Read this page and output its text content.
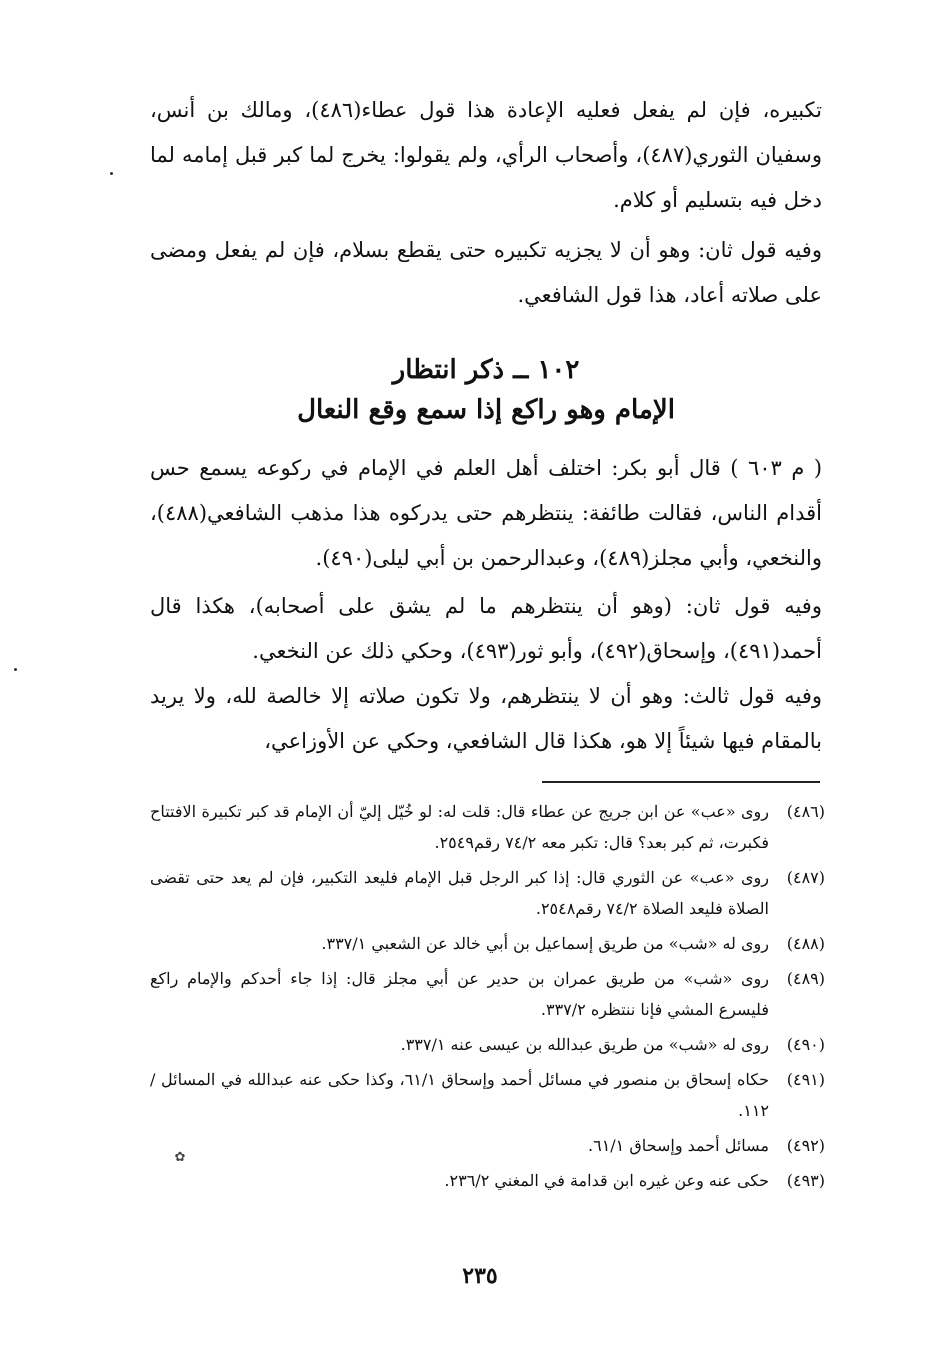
تكبيره، فإن لم يفعل فعليه الإعادة هذا قول عطاء(٤٨٦)، ومالك بن أنس، وسفيان الثوري(٤٨٧)، وأصحاب الرأي، ولم يقولوا: يخرج لما كبر قبل إمامه لما دخل فيه بتسليم أو كلام.

وفيه قول ثان: وهو أن لا يجزيه تكبيره حتى يقطع بسلام، فإن لم يفعل ومضى على صلاته أعاد، هذا قول الشافعي.

١٠٢ ــ ذكر انتظار
الإمام وهو راكع إذا سمع وقع النعال

( م ٦٠٣ ) قال أبو بكر: اختلف أهل العلم في الإمام في ركوعه يسمع حس أقدام الناس، فقالت طائفة: ينتظرهم حتى يدركوه هذا مذهب الشافعي(٤٨٨)، والنخعي، وأبي مجلز(٤٨٩)، وعبدالرحمن بن أبي ليلى(٤٩٠).

وفيه قول ثان: (وهو أن ينتظرهم ما لم يشق على أصحابه)، هكذا قال أحمد(٤٩١)، وإسحاق(٤٩٢)، وأبو ثور(٤٩٣)، وحكي ذلك عن النخعي.

وفيه قول ثالث: وهو أن لا ينتظرهم، ولا تكون صلاته إلا خالصة لله، ولا يريد بالمقام فيها شيئاً إلا هو، هكذا قال الشافعي، وحكي عن الأوزاعي،

(٤٨٦)
روى «عب» عن ابن جريج عن عطاء قال: قلت له: لو خُيّل إليّ أن الإمام قد كبر تكبيرة الافتتاح فكبرت، ثم كبر بعد؟ قال: تكبر معه ٧٤/٢ رقم٢٥٤٩.
(٤٨٧)
روى «عب» عن الثوري قال: إذا كبر الرجل قبل الإمام فليعد التكبير، فإن لم يعد حتى تقضى الصلاة فليعد الصلاة ٧٤/٢ رقم٢٥٤٨.
(٤٨٨)
روى له «شب» من طريق إسماعيل بن أبي خالد عن الشعبي ٣٣٧/١.
(٤٨٩)
روى «شب» من طريق عمران بن حدير عن أبي مجلز قال: إذا جاء أحدكم والإمام راكع فليسرع المشي فإنا ننتظره ٣٣٧/٢.
(٤٩٠)
روى له «شب» من طريق عبدالله بن عيسى عنه ٣٣٧/١.
(٤٩١)
حكاه إسحاق بن منصور في مسائل أحمد وإسحاق ٦١/١، وكذا حكى عنه عبدالله في المسائل /١١٢.
(٤٩٢)
مسائل أحمد وإسحاق ٦١/١.
(٤٩٣)
حكى عنه وعن غيره ابن قدامة في المغني ٢٣٦/٢.
٢٣٥
✿
